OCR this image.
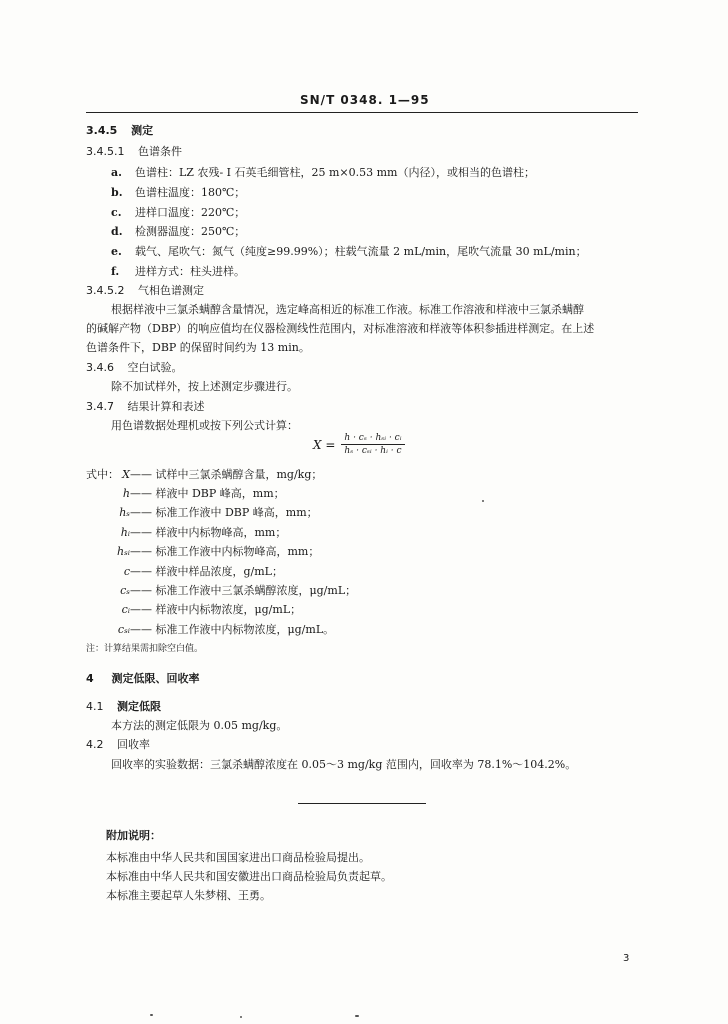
SN/T 0348. 1—95
3.4.5 测定
3.4.5.1 色谱条件
a. 色谱柱：LZ 农残- Ⅰ 石英毛细管柱，25 m×0.53 mm（内径），或相当的色谱柱；
b. 色谱柱温度：180℃；
c. 进样口温度：220℃；
d. 检测器温度：250℃；
e. 载气、尾吹气：氮气（纯度≥99.99%）；柱载气流量 2 mL/min，尾吹气流量 30 mL/min；
f. 进样方式：柱头进样。
3.4.5.2 气相色谱测定
根据样液中三氯杀螨醇含量情况，选定峰高相近的标准工作液。标准工作溶液和样液中三氯杀螨醇
的碱解产物（DBP）的响应值均在仪器检测线性范围内，对标准溶液和样液等体积参插进样测定。在上述
色谱条件下，DBP 的保留时间约为 13 min。
3.4.6 空白试验。
除不加试样外，按上述测定步骤进行。
3.4.7 结果计算和表述
用色谱数据处理机或按下列公式计算：
$X = \frac{\text{h · cₛ · hₛᵢ · cᵢ}}{\text{hₛ · cₛᵢ · hᵢ · c}}$
式中： X—— 试样中三氯杀螨醇含量，mg/kg；
h—— 样液中 DBP 峰高，mm；
hₛ—— 标准工作液中 DBP 峰高，mm；
hᵢ—— 样液中内标物峰高，mm；
hₛᵢ—— 标准工作液中内标物峰高，mm；
c—— 样液中样品浓度，g/mL；
cₛ—— 标准工作液中三氯杀螨醇浓度，μg/mL；
cᵢ—— 样液中内标物浓度，μg/mL；
cₛᵢ—— 标准工作液中内标物浓度，μg/mL。
注：计算结果需扣除空白值。
4 测定低限、回收率
4.1 测定低限
本方法的测定低限为 0.05 mg/kg。
4.2 回收率
回收率的实验数据：三氯杀螨醇浓度在 0.05～3 mg/kg 范围内，回收率为 78.1%～104.2%。
附加说明：
本标准由中华人民共和国国家进出口商品检验局提出。
本标准由中华人民共和国安徽进出口商品检验局负责起草。
本标准主要起草人朱梦栩、王勇。
3
